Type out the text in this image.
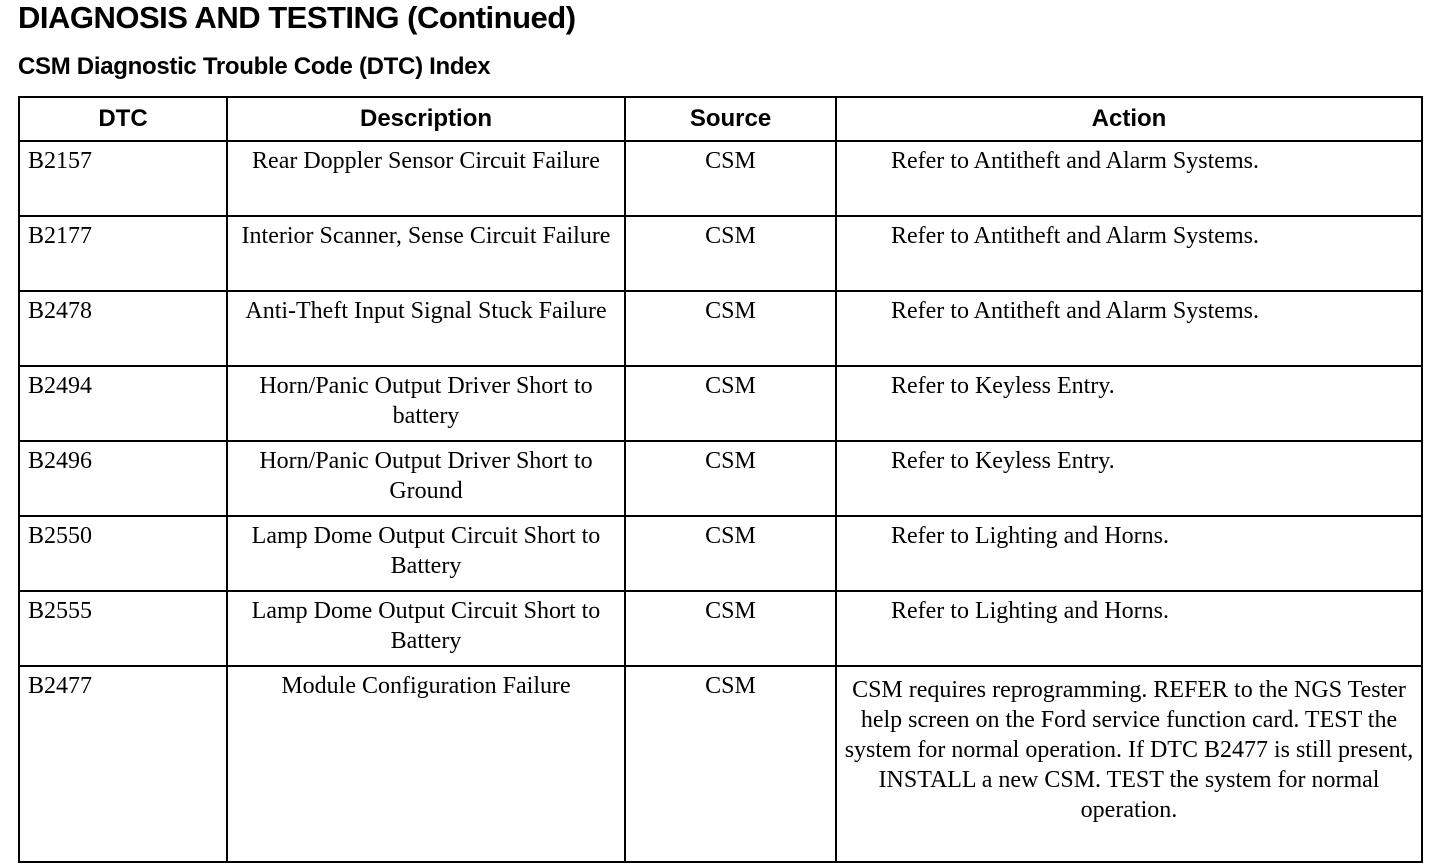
DIAGNOSIS AND TESTING (Continued)
CSM Diagnostic Trouble Code (DTC) Index
DTC	Description	Source	Action
B2157	Rear Doppler Sensor Circuit Failure	CSM	Refer to Antitheft and Alarm Systems.
B2177	Interior Scanner, Sense Circuit Failure	CSM	Refer to Antitheft and Alarm Systems.
B2478	Anti-Theft Input Signal Stuck Failure	CSM	Refer to Antitheft and Alarm Systems.
B2494	Horn/Panic Output Driver Short to battery	CSM	Refer to Keyless Entry.
B2496	Horn/Panic Output Driver Short to Ground	CSM	Refer to Keyless Entry.
B2550	Lamp Dome Output Circuit Short to Battery	CSM	Refer to Lighting and Horns.
B2555	Lamp Dome Output Circuit Short to Battery	CSM	Refer to Lighting and Horns.
B2477	Module Configuration Failure	CSM	CSM requires reprogramming. REFER to the NGS Tester help screen on the Ford service function card. TEST the system for normal operation. If DTC B2477 is still present, INSTALL a new CSM. TEST the system for normal operation.
